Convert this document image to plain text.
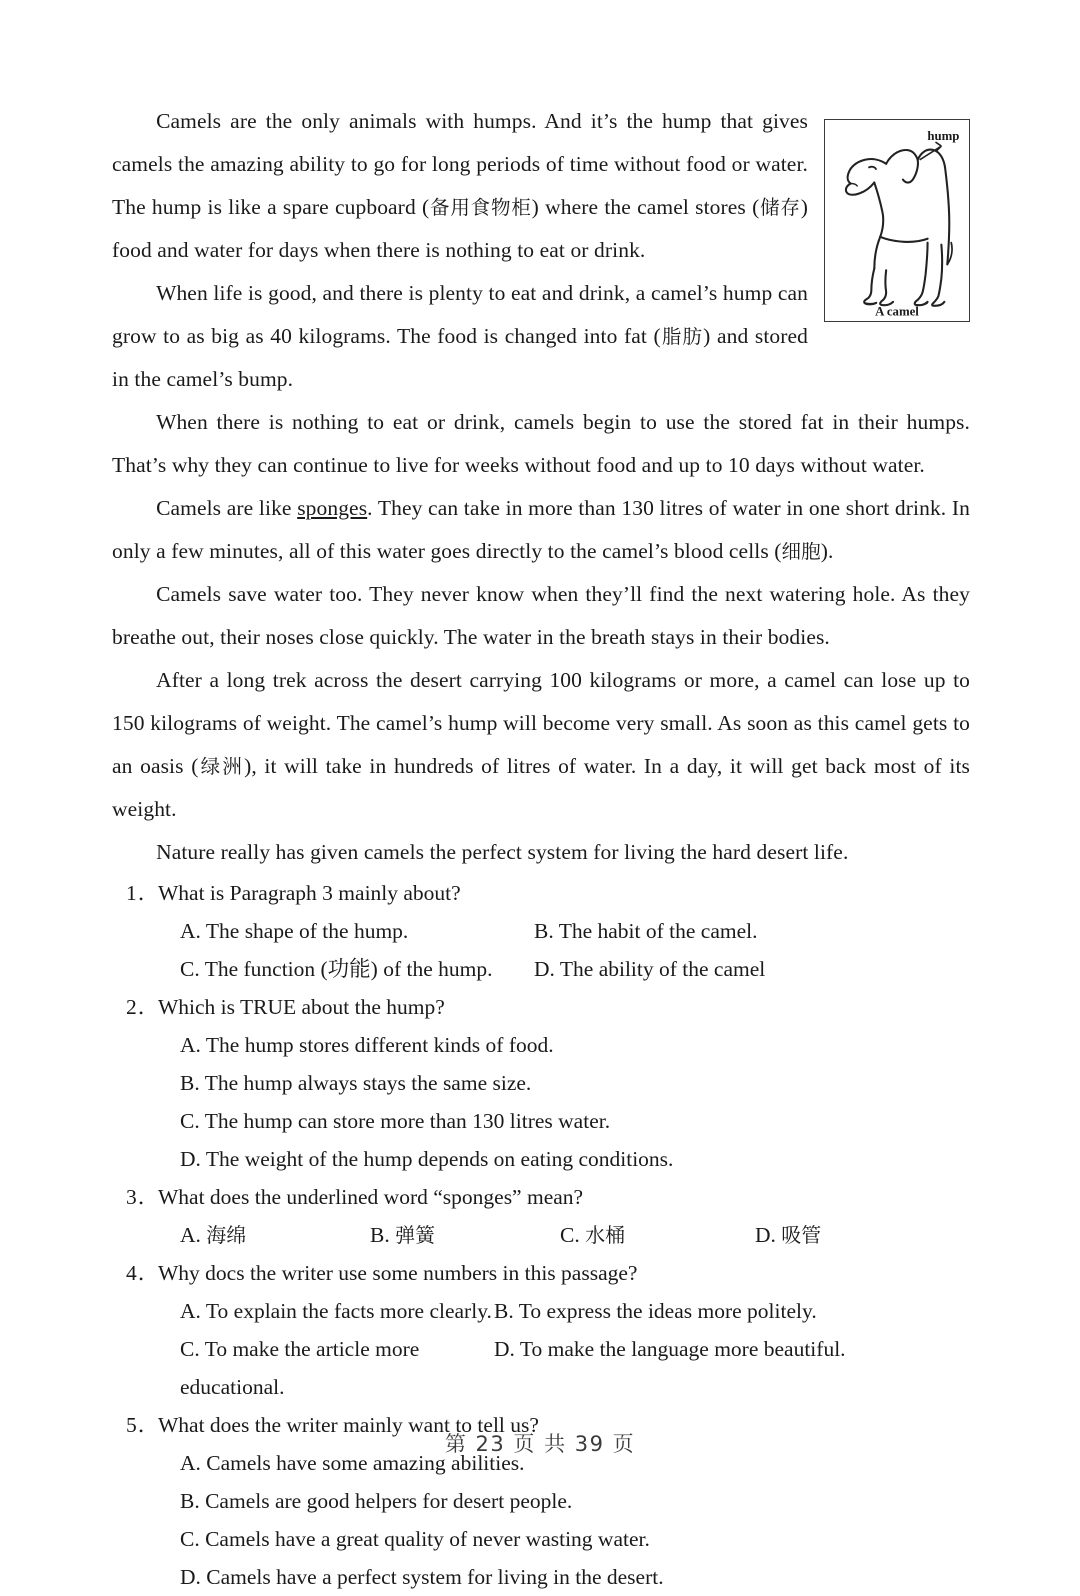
hump
A camel

Camels are the only animals with humps. And it’s the hump that gives camels the amazing ability to go for long periods of time without food or water. The hump is like a spare cupboard (备用食物柜) where the camel stores (储存) food and water for days when there is nothing to eat or drink.

When life is good, and there is plenty to eat and drink, a camel’s hump can grow to as big as 40 kilograms. The food is changed into fat (脂肪) and stored in the camel’s bump.

When there is nothing to eat or drink, camels begin to use the stored fat in their humps. That’s why they can continue to live for weeks without food and up to 10 days without water.

Camels are like sponges. They can take in more than 130 litres of water in one short drink. In only a few minutes, all of this water goes directly to the camel’s blood cells (细胞).

Camels save water too. They never know when they’ll find the next watering hole. As they breathe out, their noses close quickly. The water in the breath stays in their bodies.

After a long trek across the desert carrying 100 kilograms or more, a camel can lose up to 150 kilograms of weight. The camel’s hump will become very small. As soon as this camel gets to an oasis (绿洲), it will take in hundreds of litres of water. In a day, it will get back most of its weight.

Nature really has given camels the perfect system for living the hard desert life.

1．
What is Paragraph 3 mainly about?
A. The shape of the hump.	B. The habit of the camel.
C. The function (功能) of the hump.	D. The ability of the camel
2．
Which is TRUE about the hump?
A. The hump stores different kinds of food.
B. The hump always stays the same size.
C. The hump can store more than 130 litres water.
D. The weight of the hump depends on eating conditions.
3．
What does the underlined word “sponges” mean?
A. 海绵	B. 弹簧	C. 水桶	D. 吸管
4．
Why docs the writer use some numbers in this passage?
A. To explain the facts more clearly. B. To express the ideas more politely.
C. To make the article more educational.
D. To make the language more beautiful.
5．
What does the writer mainly want to tell us?
A. Camels have some amazing abilities.
B. Camels are good helpers for desert people.
C. Camels have a great quality of never wasting water.
D. Camels have a perfect system for living in the desert.
第 23 页 共 39 页
